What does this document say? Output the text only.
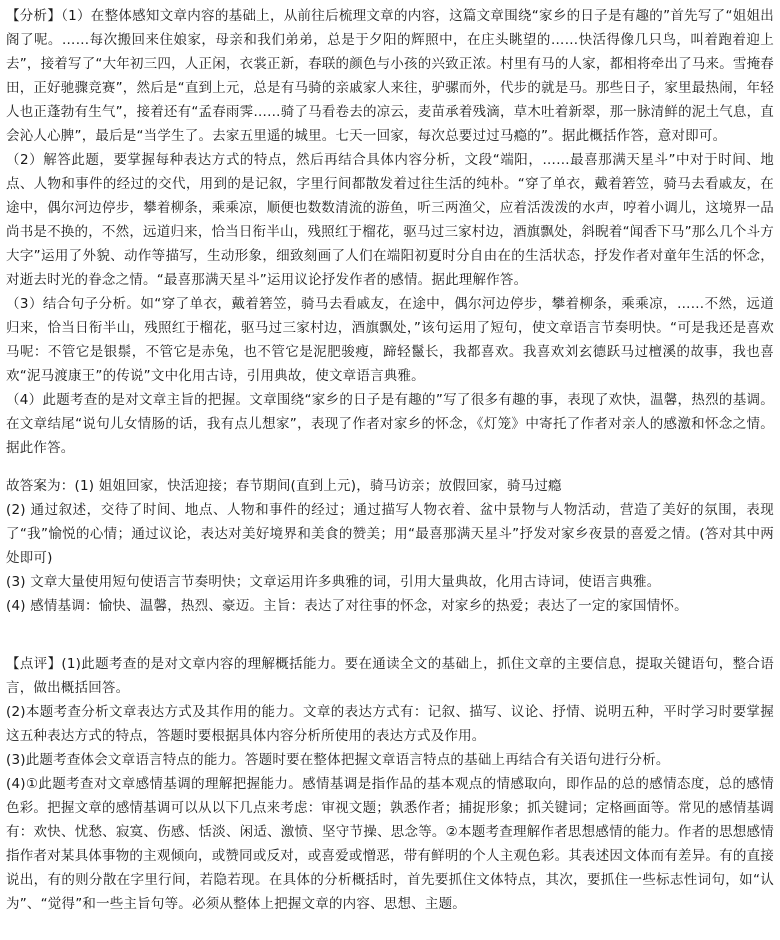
【分析】（1）在整体感知文章内容的基础上，从前往后梳理文章的内容，这篇文章围绕“家乡的日子是有趣的”首先写了“姐姐出阁了呢。……每次搬回来住娘家，母亲和我们弟弟，总是于夕阳的辉照中，在庄头眺望的……快活得像几只鸟，叫着跑着迎上去”，接着写了“大年初三四，人正闲，衣裳正新，春联的颜色与小孩的兴致正浓。村里有马的人家，都相将牵出了马来。雪掩春田，正好驰骤竞赛”，然后是“直到上元，总是有马骑的亲戚家人来往，驴骡而外，代步的就是马。那些日子，家里最热闹，年轻人也正蓬勃有生气”，接着还有“孟春雨霁……骑了马看卷去的凉云，麦苗承着残滴，草木吐着新翠，那一脉清鲜的泥土气息，直会沁人心脾”，最后是“当学生了。去家五里遥的城里。七天一回家，每次总要过过马瘾的”。据此概括作答，意对即可。

（2）解答此题，要掌握每种表达方式的特点，然后再结合具体内容分析，文段“端阳，……最喜那满天星斗”中对于时间、地点、人物和事件的经过的交代，用到的是记叙，字里行间都散发着过往生活的纯朴。“穿了单衣，戴着箬笠，骑马去看戚友，在途中，偶尔河边停步，攀着柳条，乘乘凉，顺便也数数清流的游鱼，听三两渔父，应着活泼泼的水声，哼着小调儿，这境界一品尚书是不换的，不然，远道归来，恰当日衔半山，残照红于榴花，驱马过三家村边，酒旗飘处，斜睨着“闻香下马”那么几个斗方大字”运用了外貌、动作等描写，生动形象，细致刻画了人们在端阳初夏时分自由在的生活状态，抒发作者对童年生活的怀念，对逝去时光的眷念之情。“最喜那满天星斗”运用议论抒发作者的感情。据此理解作答。

（3）结合句子分析。如“穿了单衣，戴着箬笠，骑马去看戚友，在途中，偶尔河边停步，攀着柳条，乘乘凉，……不然，远道归来，恰当日衔半山，残照红于榴花，驱马过三家村边，酒旗飘处，”该句运用了短句，使文章语言节奏明快。“可是我还是喜欢马呢：不管它是银鬃，不管它是赤兔，也不管它是泥肥骏瘦，蹄轻鬣长，我都喜欢。我喜欢刘玄德跃马过檀溪的故事，我也喜欢“泥马渡康王”的传说”文中化用古诗，引用典故，使文章语言典雅。

（4）此题考查的是对文章主旨的把握。文章围绕“家乡的日子是有趣的”写了很多有趣的事，表现了欢快，温馨，热烈的基调。在文章结尾“说句儿女情肠的话，我有点儿想家”，表现了作者对家乡的怀念，《灯笼》中寄托了作者对亲人的感激和怀念之情。据此作答。

故答案为：(1) 姐姐回家，快活迎接；春节期间(直到上元)，骑马访亲；放假回家，骑马过瘾

(2) 通过叙述，交待了时间、地点、人物和事件的经过；通过描写人物衣着、盆中景物与人物活动，营造了美好的氛围，表现了“我”愉悦的心情；通过议论，表达对美好境界和美食的赞美；用“最喜那满天星斗”抒发对家乡夜景的喜爱之情。(答对其中两处即可)

(3) 文章大量使用短句使语言节奏明快；文章运用许多典雅的词，引用大量典故，化用古诗词，使语言典雅。

(4) 感情基调：愉快、温馨，热烈、豪迈。主旨：表达了对往事的怀念，对家乡的热爱；表达了一定的家国情怀。

【点评】(1)此题考查的是对文章内容的理解概括能力。要在通读全文的基础上，抓住文章的主要信息，提取关键语句，整合语言，做出概括回答。

(2)本题考查分析文章表达方式及其作用的能力。文章的表达方式有：记叙、描写、议论、抒情、说明五种，平时学习时要掌握这五种表达方式的特点，答题时要根据具体内容分析所使用的表达方式及作用。

(3)此题考查体会文章语言特点的能力。答题时要在整体把握文章语言特点的基础上再结合有关语句进行分析。

(4)①此题考查对文章感情基调的理解把握能力。感情基调是指作品的基本观点的情感取向，即作品的总的感情态度，总的感情色彩。把握文章的感情基调可以从以下几点来考虑：审视文题；孰悉作者；捕捉形象；抓关键词；定格画面等。常见的感情基调有：欢快、忧愁、寂寞、伤感、恬淡、闲适、激愤、坚守节操、思念等。②本题考查理解作者思想感情的能力。作者的思想感情指作者对某具体事物的主观倾向，或赞同或反对，或喜爱或憎恶，带有鲜明的个人主观色彩。其表述因文体而有差异。有的直接说出，有的则分散在字里行间，若隐若现。在具体的分析概括时，首先要抓住文体特点，其次，要抓住一些标志性词句，如“认为”、“觉得”和一些主旨句等。必须从整体上把握文章的内容、思想、主题。
